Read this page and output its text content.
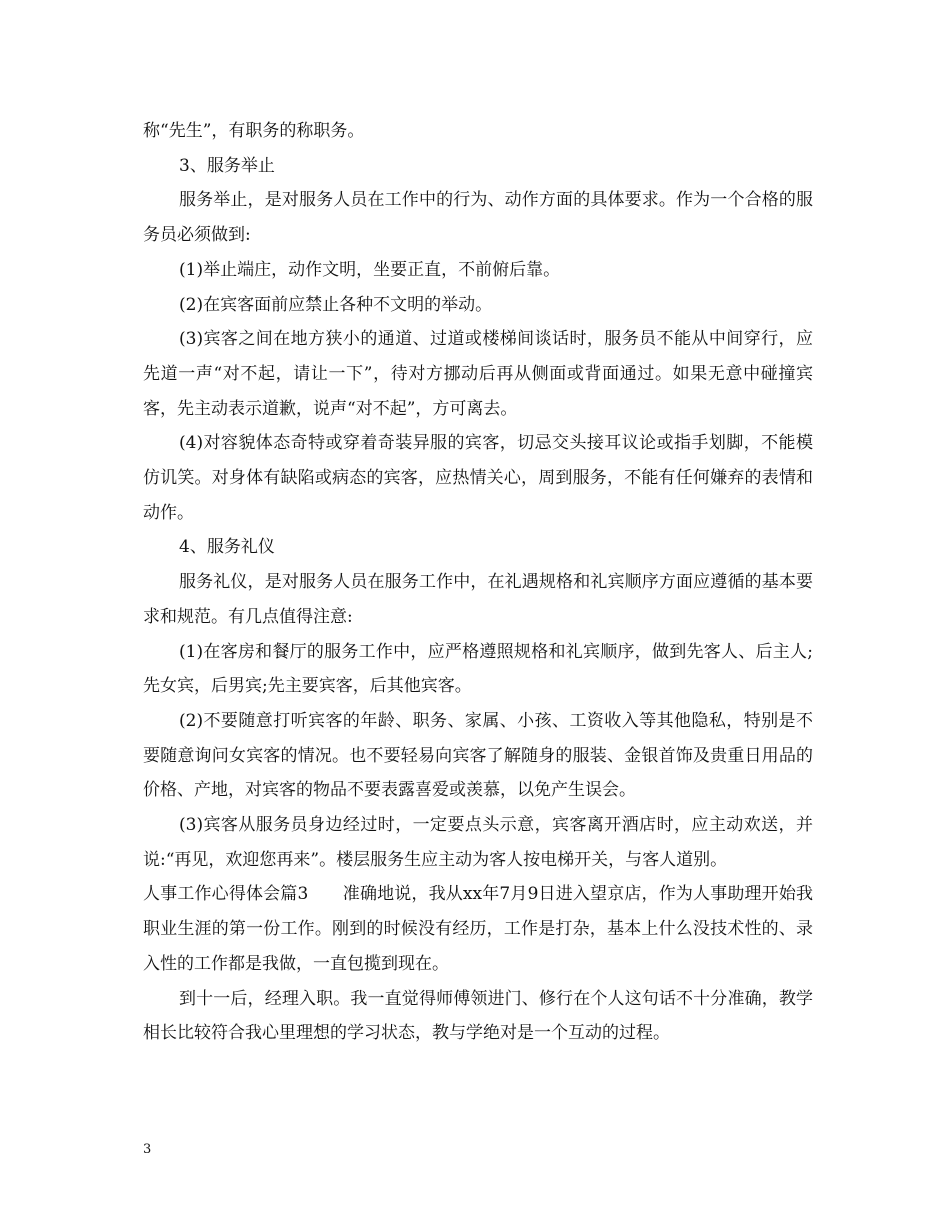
称“先生”，有职务的称职务。

3、服务举止

服务举止，是对服务人员在工作中的行为、动作方面的具体要求。作为一个合格的服务员必须做到:

(1)举止端庄，动作文明，坐要正直，不前俯后靠。

(2)在宾客面前应禁止各种不文明的举动。

(3)宾客之间在地方狭小的通道、过道或楼梯间谈话时，服务员不能从中间穿行，应先道一声“对不起，请让一下”，待对方挪动后再从侧面或背面通过。如果无意中碰撞宾客，先主动表示道歉，说声“对不起”，方可离去。

(4)对容貌体态奇特或穿着奇装异服的宾客，切忌交头接耳议论或指手划脚，不能模仿讥笑。对身体有缺陷或病态的宾客，应热情关心，周到服务，不能有任何嫌弃的表情和动作。

4、服务礼仪

服务礼仪，是对服务人员在服务工作中，在礼遇规格和礼宾顺序方面应遵循的基本要求和规范。有几点值得注意:

(1)在客房和餐厅的服务工作中，应严格遵照规格和礼宾顺序，做到先客人、后主人;先女宾，后男宾;先主要宾客，后其他宾客。

(2)不要随意打听宾客的年龄、职务、家属、小孩、工资收入等其他隐私，特别是不要随意询问女宾客的情况。也不要轻易向宾客了解随身的服装、金银首饰及贵重日用品的价格、产地，对宾客的物品不要表露喜爱或羡慕，以免产生误会。

(3)宾客从服务员身边经过时，一定要点头示意，宾客离开酒店时，应主动欢送，并说:“再见，欢迎您再来”。楼层服务生应主动为客人按电梯开关，与客人道别。

人事工作心得体会篇3　　准确地说，我从xx年7月9日进入望京店，作为人事助理开始我职业生涯的第一份工作。刚到的时候没有经历，工作是打杂，基本上什么没技术性的、录入性的工作都是我做，一直包揽到现在。

到十一后，经理入职。我一直觉得师傅领进门、修行在个人这句话不十分准确，教学相长比较符合我心里理想的学习状态，教与学绝对是一个互动的过程。

3
